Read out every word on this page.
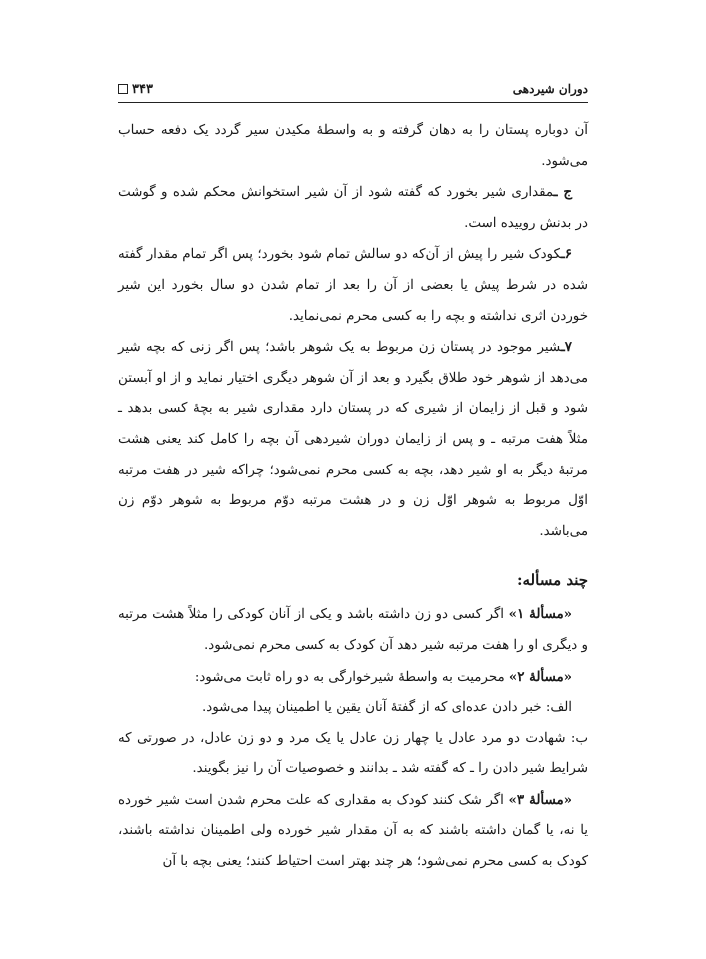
دوران شیردهی
۳۴۳

آن دوباره پستان را به دهان گرفته و به واسطهٔ مکیدن سیر گردد یک دفعه حساب می‌شود.

ج ـمقداری شیر بخورد که گفته شود از آن شیر استخوانش محکم شده و گوشت در بدنش روییده است.

۶ـکودک شیر را پیش از آن‌که دو سالش تمام شود بخورد؛ پس اگر تمام مقدار گفته شده در شرط پیش یا بعضی از آن را بعد از تمام شدن دو سال بخورد این شیر خوردن اثری نداشته و بچه را به کسی محرم نمی‌نماید.

۷ـشیر موجود در پستان زن مربوط به یک شوهر باشد؛ پس اگر زنی که بچه شیر می‌دهد از شوهر خود طلاق بگیرد و بعد از آن شوهر دیگری اختیار نماید و از او آبستن شود و قبل از زایمان از شیری که در پستان دارد مقداری شیر به بچهٔ کسی بدهد ـ مثلاً هفت مرتبه ـ و پس از زایمان دوران شیردهی آن بچه را کامل کند یعنی هشت مرتبهٔ دیگر به او شیر دهد، بچه به کسی محرم نمی‌شود؛ چراکه شیر در هفت مرتبه اوّل مربوط به شوهر اوّل زن و در هشت مرتبه دوّم مربوط به شوهر دوّم زن می‌باشد.

چند مسأله:

«مسألهٔ ۱» اگر کسی دو زن داشته باشد و یکی از آنان کودکی را مثلاً هشت مرتبه و دیگری او را هفت مرتبه شیر دهد آن کودک به کسی محرم نمی‌شود.

«مسألهٔ ۲» محرمیت به واسطهٔ شیرخوارگی به دو راه ثابت می‌شود:

الف: خبر دادن عده‌ای که از گفتهٔ آنان یقین یا اطمینان پیدا می‌شود.

ب: شهادت دو مرد عادل یا چهار زن عادل یا یک مرد و دو زن عادل، در صورتی که شرایط شیر دادن را ـ که گفته شد ـ بدانند و خصوصیات آن را نیز بگویند.

«مسألهٔ ۳» اگر شک کنند کودک به مقداری که علت محرم شدن است شیر خورده یا نه، یا گمان داشته باشند که به آن مقدار شیر خورده ولی اطمینان نداشته باشند، کودک به کسی محرم نمی‌شود؛ هر چند بهتر است احتیاط کنند؛ یعنی بچه با آن
